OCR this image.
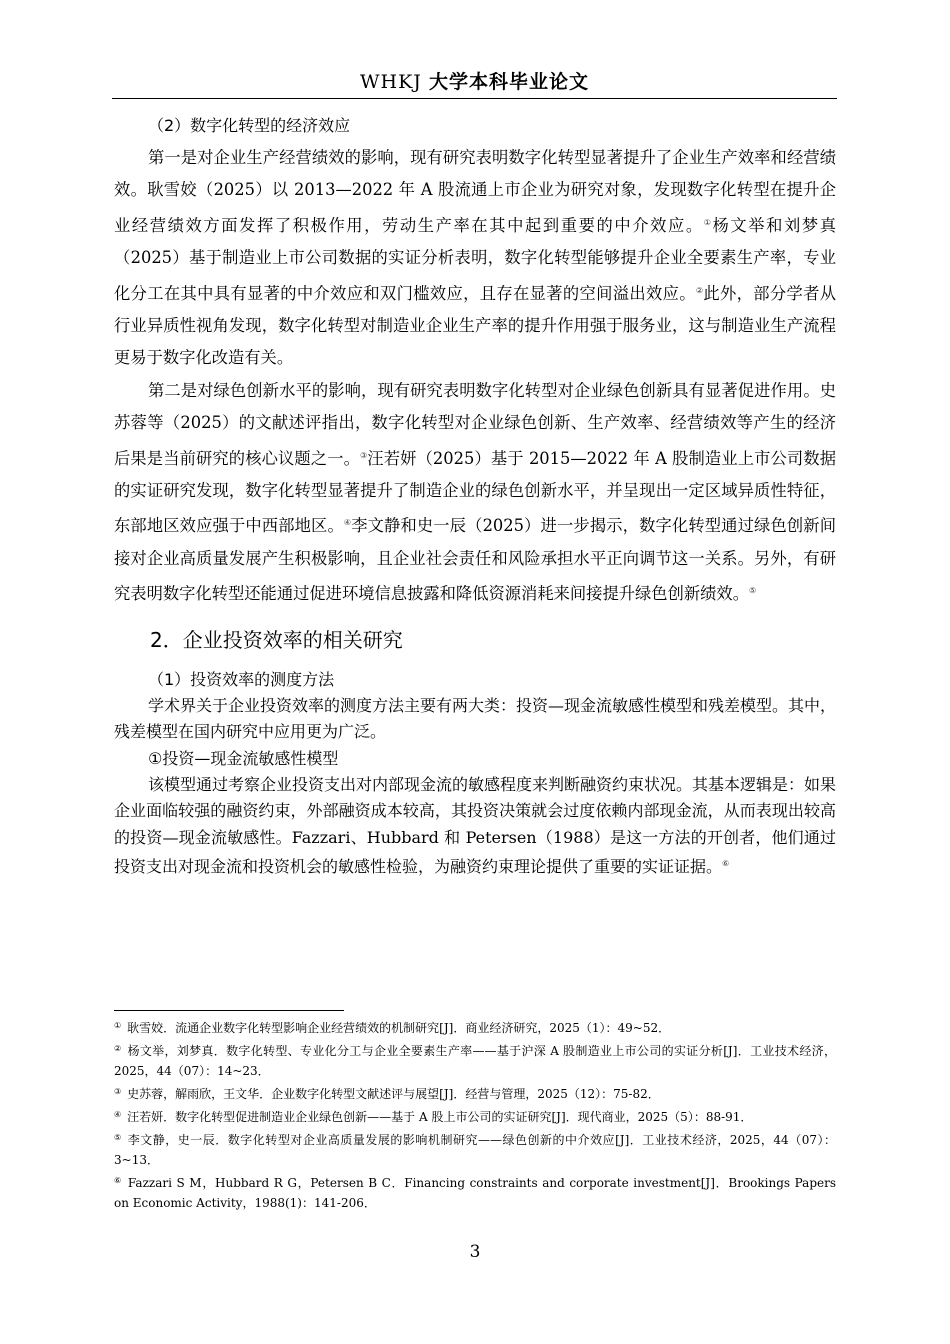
WHKJ 大学本科毕业论文
（2）数字化转型的经济效应

第一是对企业生产经营绩效的影响，现有研究表明数字化转型显著提升了企业生产效率和经营绩效。耿雪姣（2025）以 2013—2022 年 A 股流通上市企业为研究对象，发现数字化转型在提升企业经营绩效方面发挥了积极作用，劳动生产率在其中起到重要的中介效应。①杨文举和刘梦真（2025）基于制造业上市公司数据的实证分析表明，数字化转型能够提升企业全要素生产率，专业化分工在其中具有显著的中介效应和双门槛效应，且存在显著的空间溢出效应。②此外，部分学者从行业异质性视角发现，数字化转型对制造业企业生产率的提升作用强于服务业，这与制造业生产流程更易于数字化改造有关。

第二是对绿色创新水平的影响，现有研究表明数字化转型对企业绿色创新具有显著促进作用。史苏蓉等（2025）的文献述评指出，数字化转型对企业绿色创新、生产效率、经营绩效等产生的经济后果是当前研究的核心议题之一。③汪若妍（2025）基于 2015—2022 年 A 股制造业上市公司数据的实证研究发现，数字化转型显著提升了制造企业的绿色创新水平，并呈现出一定区域异质性特征，东部地区效应强于中西部地区。④李文静和史一辰（2025）进一步揭示，数字化转型通过绿色创新间接对企业高质量发展产生积极影响，且企业社会责任和风险承担水平正向调节这一关系。另外，有研究表明数字化转型还能通过促进环境信息披露和降低资源消耗来间接提升绿色创新绩效。⑤

2．企业投资效率的相关研究
（1）投资效率的测度方法

学术界关于企业投资效率的测度方法主要有两大类：投资—现金流敏感性模型和残差模型。其中，残差模型在国内研究中应用更为广泛。

①投资—现金流敏感性模型

该模型通过考察企业投资支出对内部现金流的敏感程度来判断融资约束状况。其基本逻辑是：如果企业面临较强的融资约束，外部融资成本较高，其投资决策就会过度依赖内部现金流，从而表现出较高的投资—现金流敏感性。Fazzari、Hubbard 和 Petersen（1988）是这一方法的开创者，他们通过投资支出对现金流和投资机会的敏感性检验，为融资约束理论提供了重要的实证证据。⑥

① 耿雪姣．流通企业数字化转型影响企业经营绩效的机制研究[J]．商业经济研究，2025（1）：49~52．
② 杨文举，刘梦真．数字化转型、专业化分工与企业全要素生产率——基于沪深 A 股制造业上市公司的实证分析[J]．工业技术经济，2025，44（07）：14~23．
③ 史苏蓉，解雨欣，王文华．企业数字化转型文献述评与展望[J]．经营与管理，2025（12）：75-82．
④ 汪若妍．数字化转型促进制造业企业绿色创新——基于 A 股上市公司的实证研究[J]．现代商业，2025（5）：88-91．
⑤ 李文静，史一辰．数字化转型对企业高质量发展的影响机制研究——绿色创新的中介效应[J]．工业技术经济，2025，44（07）：3~13．
⑥ Fazzari S M，Hubbard R G，Petersen B C．Financing constraints and corporate investment[J]．Brookings Papers on Economic Activity，1988(1)：141-206．
3
